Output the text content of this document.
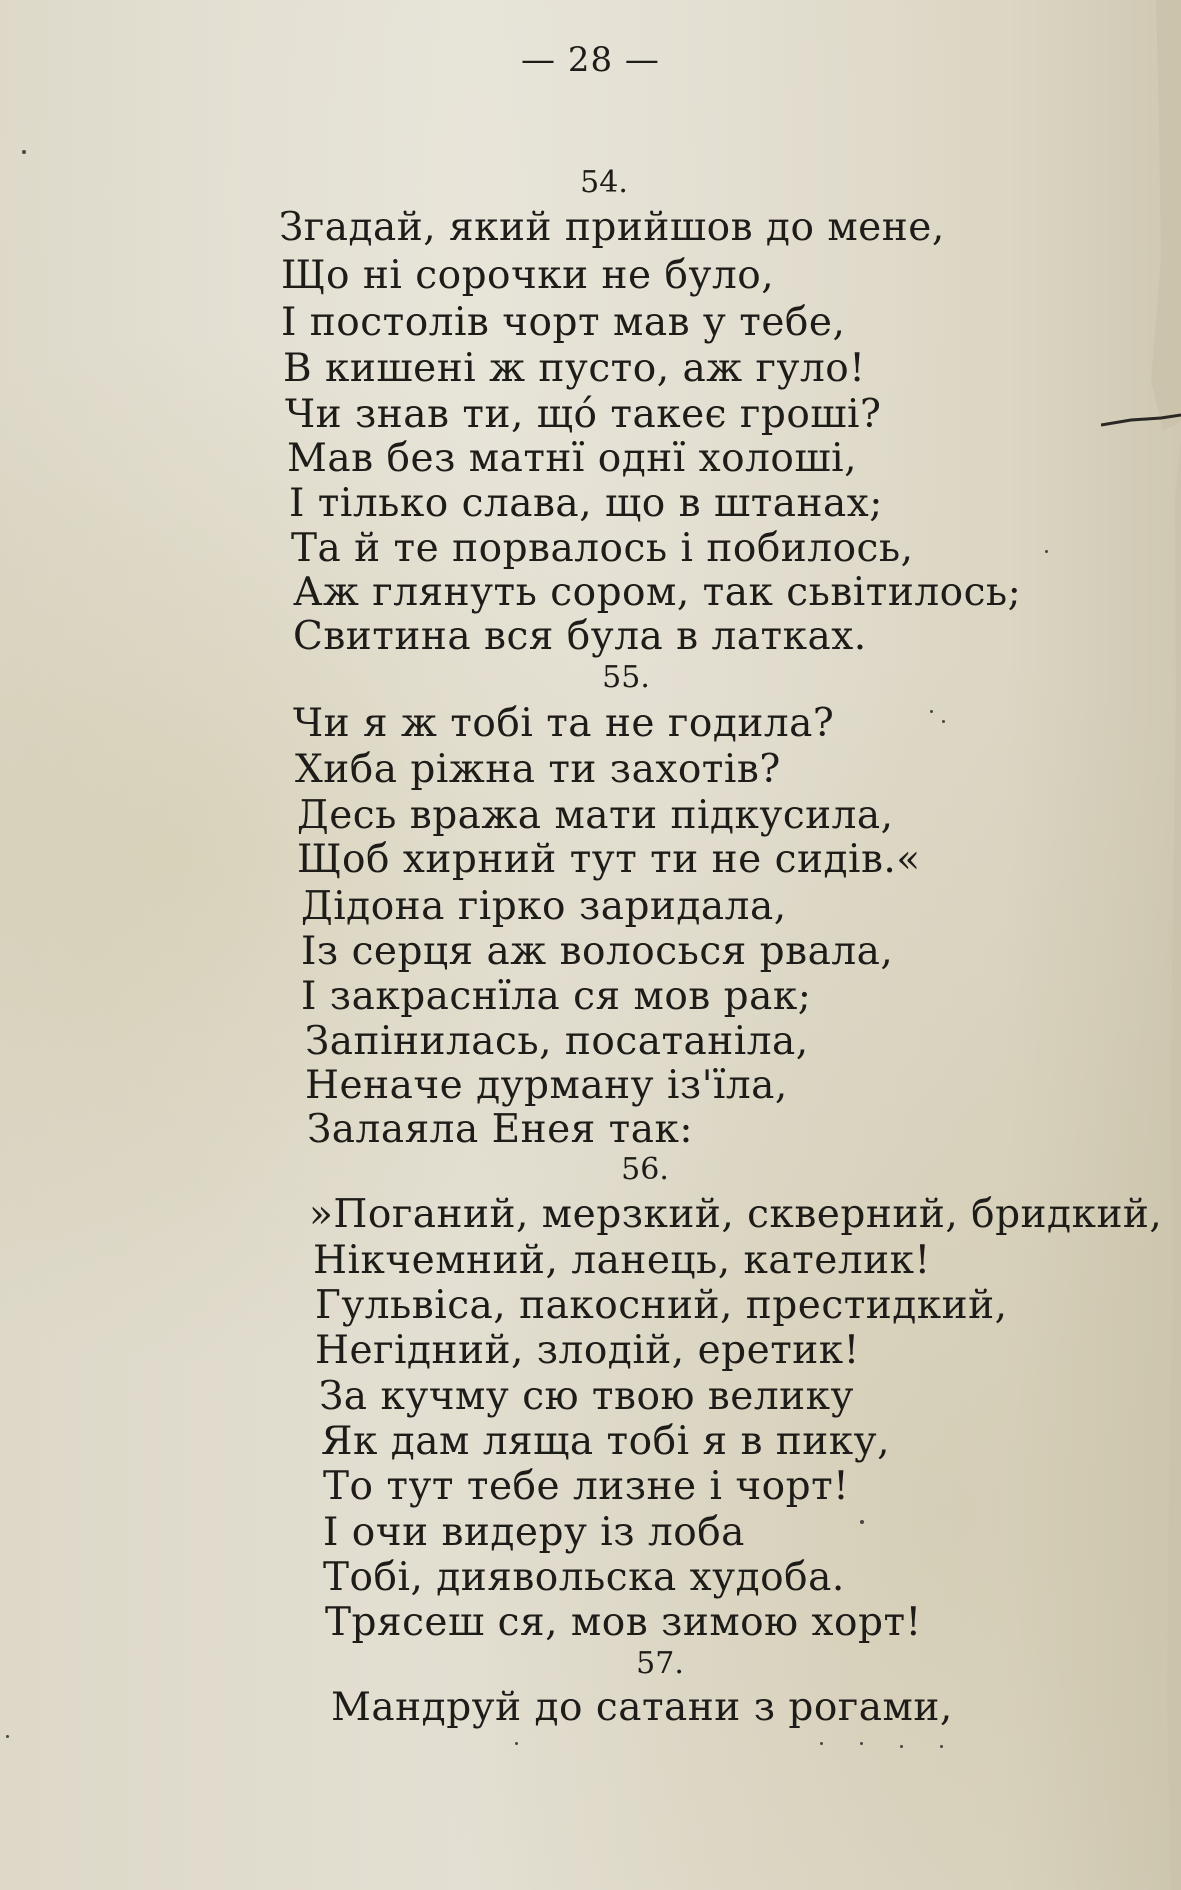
— 28 —
54.
Згадай, який прийшов до мене,
Що ні сорочки не було,
І постолів чорт мав у тебе,
В кишені ж пусто, аж гуло!
Чи знав ти, щó такеє гроші?
Мав без матнї однї холоші,
І тілько слава, що в штанах;
Та й те порвалось і побилось,
Аж глянуть сором, так сьвітилось;
Свитина вся була в латках.
55.
Чи я ж тобі та не годила?
Хиба ріжна ти захотів?
Десь вража мати підкусила,
Щоб хирний тут ти не сидів.«
Дідона гірко заридала,
Із серця аж волосься рвала,
І закраснїла ся мов рак;
Запінилась, посатаніла,
Неначе дурману із'їла,
Залаяла Енея так:
56.
»Поганий, мерзкий, скверний, бридкий,
Нікчемний, ланець, кателик!
Гульвіса, пакосний, престидкий,
Негідний, злодій, еретик!
За кучму сю твою велику
Як дам ляща тобі я в пику,
То тут тебе лизне і чорт!
І очи видеру із лоба
Тобі, диявольска худоба.
Трясеш ся, мов зимою хорт!
57.
Мандруй до сатани з рогами,
